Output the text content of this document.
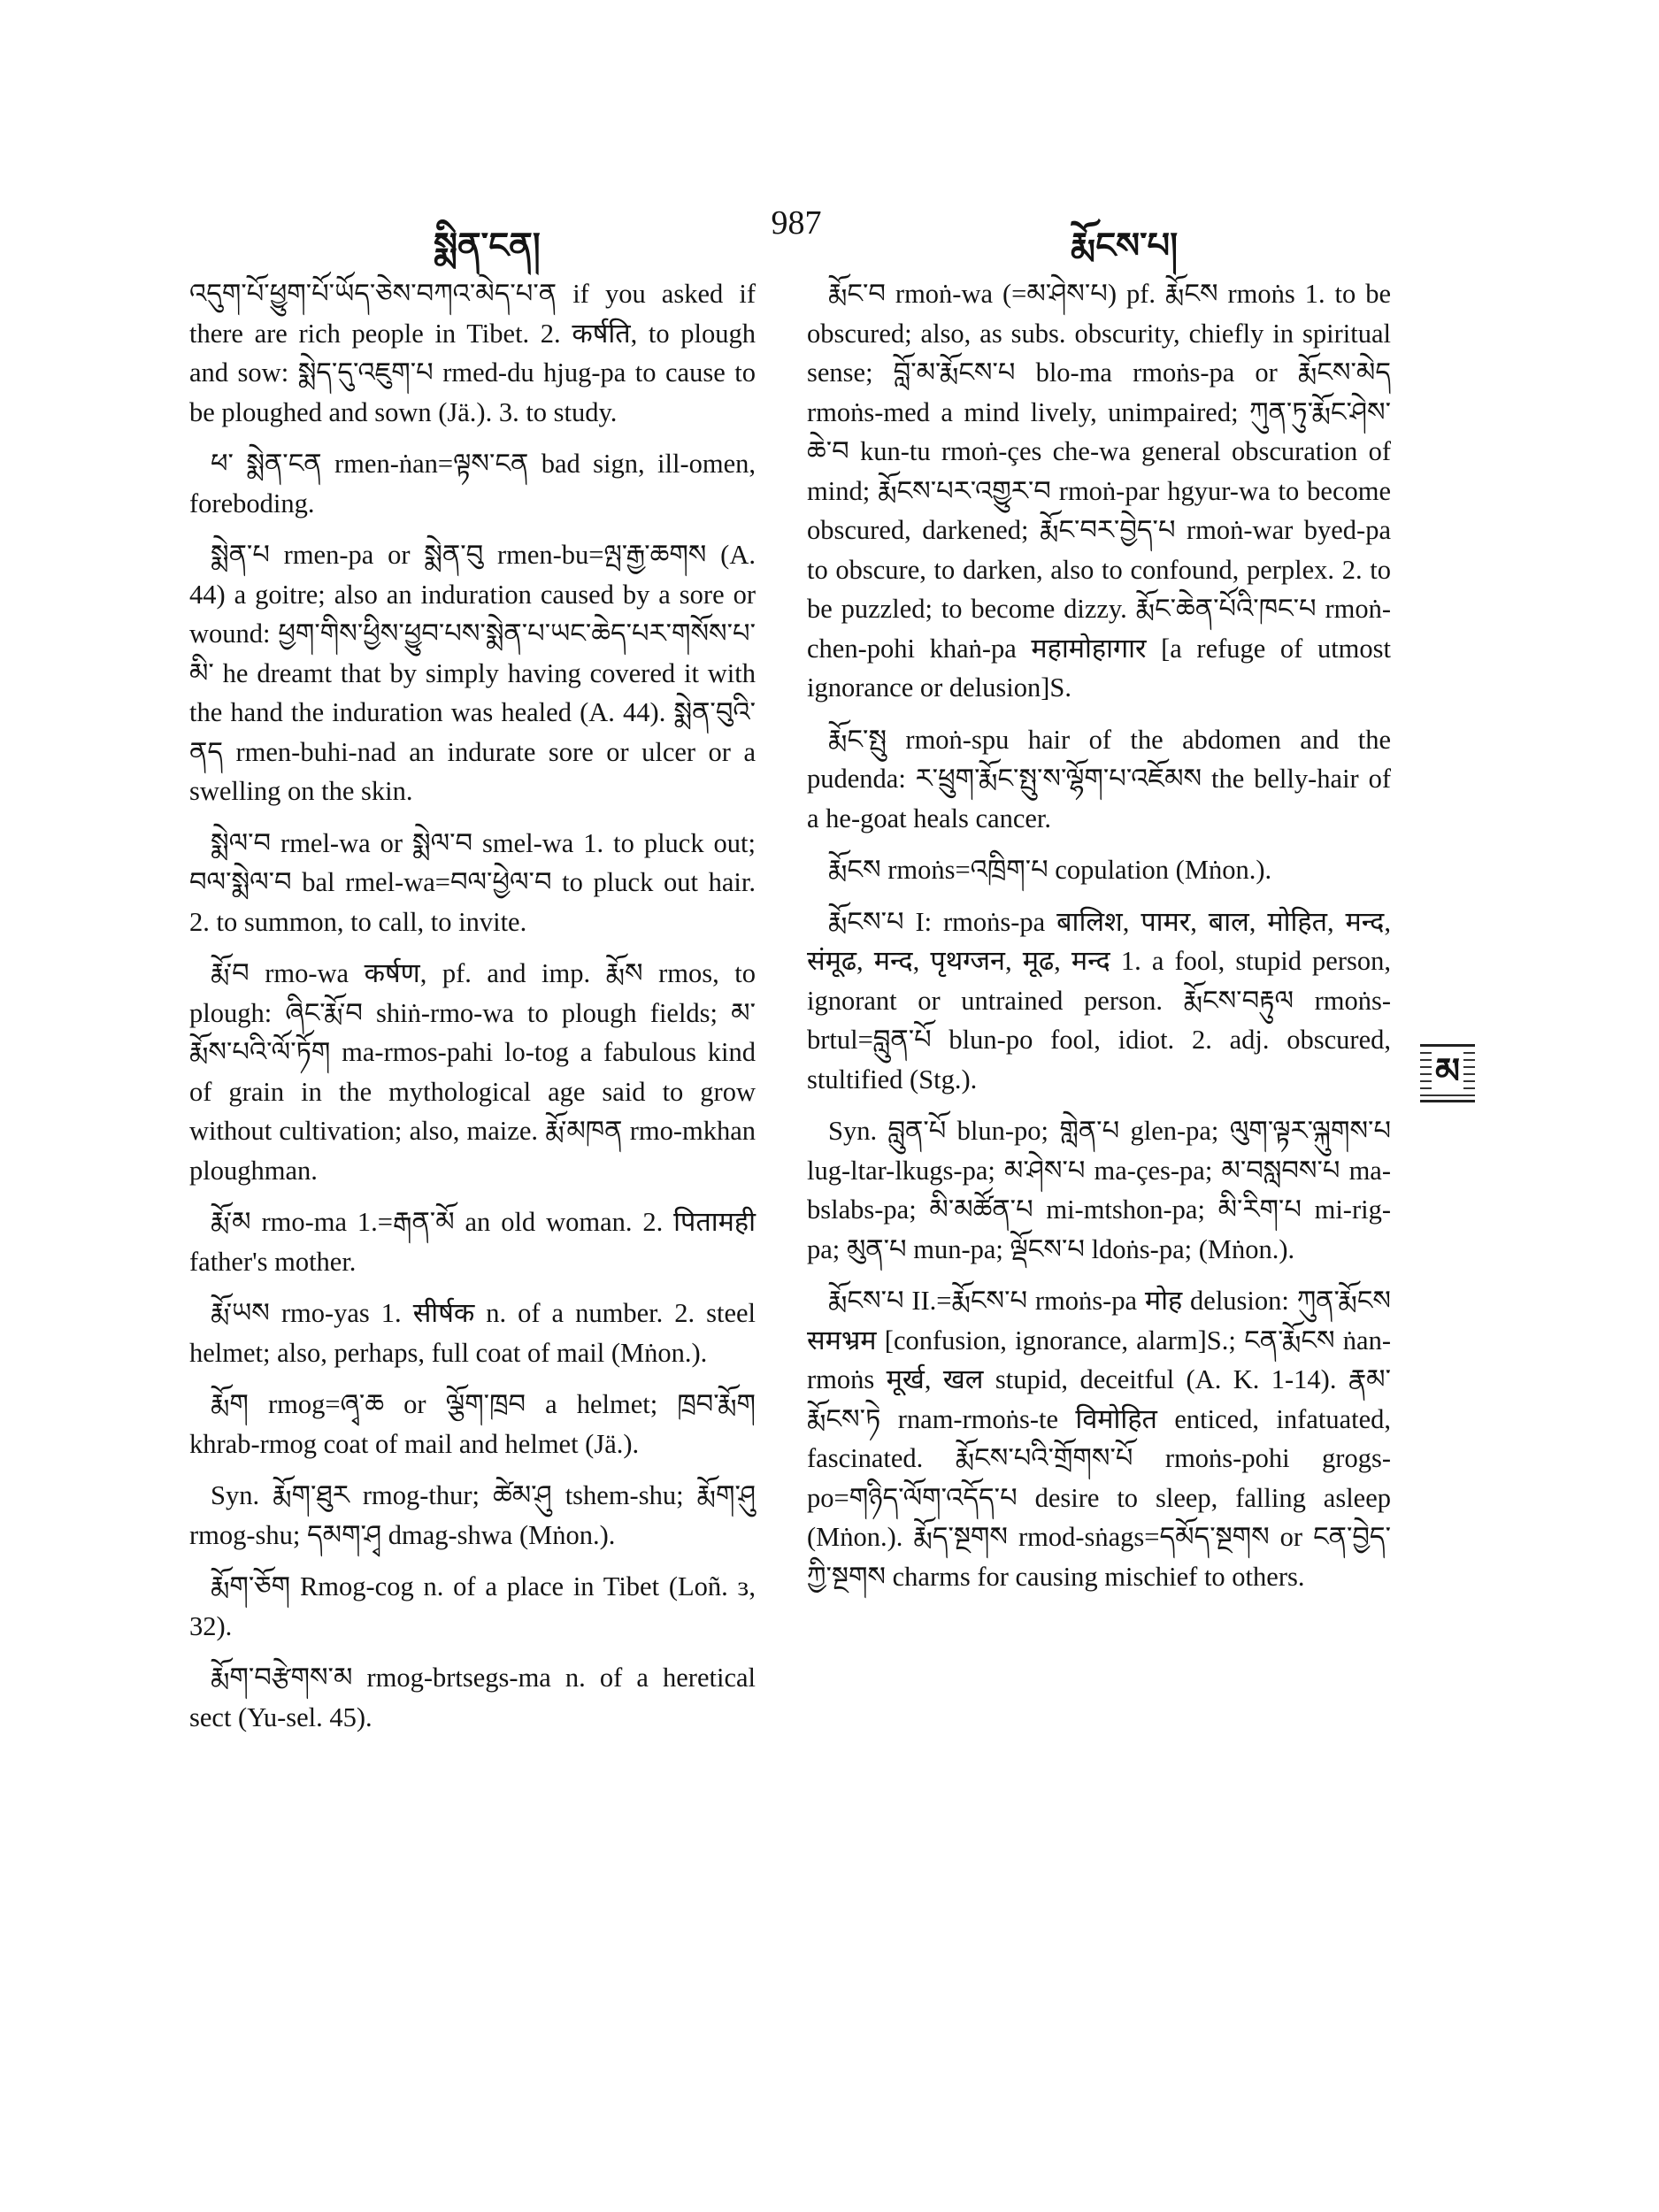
སྨིན་ངན།
987
རྨོངས་པ།

འདུག་པོ་ཕྱུག་པོ་ཡོད་ཅེས་བཀའ་མེད་པ་ན if you asked if there are rich people in Tibet. 2. कर्षति, to plough and sow: སྨེད་དུ་འཇུག་པ rmed-du hjug-pa to cause to be ploughed and sown (Jä.). 3. to study.

ཕ་ སྨེན་ངན rmen-ṅan=ལྟས་ངན bad sign, ill-omen, foreboding.

སྨེན་པ rmen-pa or སྨེན་བུ rmen-bu=ལྤ་རྒྱ་ཆགས (A. 44) a goitre; also an induration caused by a sore or wound: ཕྱག་གིས་ཕྱིས་ཕྱུབ་པས་སྨེན་པ་ཡང་ཆེད་པར་གསོས་པ་མི་ he dreamt that by simply having covered it with the hand the induration was healed (A. 44). སྨེན་བུའི་ནད rmen-buhi-nad an indurate sore or ulcer or a swelling on the skin.

སྨེལ་བ rmel-wa or སྨེལ་བ smel-wa 1. to pluck out; བལ་སྨེལ་བ bal rmel-wa=བལ་ཕྱེལ་བ to pluck out hair. 2. to summon, to call, to invite.

རྨོ་བ rmo-wa कर्षण, pf. and imp. རྨོས rmos, to plough: ཞིང་རྨོ་བ shiṅ-rmo-wa to plough fields; མ་རྨོས་པའི་ལོ་ཏོག ma-rmos-pahi lo-tog a fabulous kind of grain in the mythological age said to grow without cultivation; also, maize. རྨོ་མཁན rmo-mkhan ploughman.

རྨོ་མ rmo-ma 1.=རྒན་མོ an old woman. 2. पितामही father's mother.

རྨོ་ཡས rmo-yas 1. सीर्षक n. of a number. 2. steel helmet; also, perhaps, full coat of mail (Mṅon.).

རྨོག rmog=ཞྭ་ཆ or ལྕོག་ཁྲབ a helmet; ཁྲབ་རྨོག khrab-rmog coat of mail and helmet (Jä.).

Syn. རྨོག་ཐུར rmog-thur; ཚེམ་ཤུ tshem-shu; རྨོག་ཤུ rmog-shu; དམག་ཤྭ dmag-shwa (Mṅon.).

རྨོག་ཅོག Rmog-cog n. of a place in Tibet (Loñ. ɜ, 32).

རྨོག་བརྩེགས་མ rmog-brtsegs-ma n. of a heretical sect (Yu-sel. 45).

རྨོང་བ rmoṅ-wa (=མ་ཤེས་པ) pf. རྨོངས rmoṅs 1. to be obscured; also, as subs. obscurity, chiefly in spiritual sense; བློ་མ་རྨོངས་པ blo-ma rmoṅs-pa or རྨོངས་མེད rmoṅs-med a mind lively, unimpaired; ཀུན་ཏུ་རྨོང་ཤེས་ཆེ་བ kun-tu rmoṅ-çes che-wa general obscuration of mind; རྨོངས་པར་འགྱུར་བ rmoṅ-par hgyur-wa to become obscured, darkened; རྨོང་བར་བྱེད་པ rmoṅ-war byed-pa to obscure, to darken, also to confound, perplex. 2. to be puzzled; to become dizzy. རྨོང་ཆེན་པོའི་ཁང་པ rmoṅ-chen-pohi khaṅ-pa महामोहागार [a refuge of utmost ignorance or delusion]S.

རྨོང་སྤུ rmoṅ-spu hair of the abdomen and the pudenda: ར་ཕྲུག་རྨོང་སྤུ་ས་ལྷོག་པ་འཇོམས the belly-hair of a he-goat heals cancer.

རྨོངས rmoṅs=འཁྲིག་པ copulation (Mṅon.).

རྨོངས་པ I: rmoṅs-pa बालिश, पामर, बाल, मोहित, मन्द, संमूढ, मन्द, पृथग्जन, मूढ, मन्द 1. a fool, stupid person, ignorant or untrained person. རྨོངས་བརྟུལ rmoṅs-brtul=བླུན་པོ blun-po fool, idiot. 2. adj. obscured, stultified (Stg.).

Syn. བླུན་པོ blun-po; གླེན་པ glen-pa; ལུག་ལྟར་ལྐུགས་པ lug-ltar-lkugs-pa; མ་ཤེས་པ ma-çes-pa; མ་བསླབས་པ ma-bslabs-pa; མི་མཚོན་པ mi-mtshon-pa; མི་རིག་པ mi-rig-pa; མུན་པ mun-pa; ལྡོངས་པ ldoṅs-pa; (Mṅon.).

རྨོངས་པ II.=རྨོངས་པ rmoṅs-pa मोह delusion: ཀུན་རྨོངས समभ्रम [confusion, ignorance, alarm]S.; ངན་རྨོངས ṅan-rmoṅs मूर्ख, खल stupid, deceitful (A. K. 1-14). རྣམ་རྨོངས་ཏེ rnam-rmoṅs-te विमोहित enticed, infatuated, fascinated. རྨོངས་པའི་གྲོགས་པོ rmoṅs-pohi grogs-po=གཉིད་ལོག་འདོད་པ desire to sleep, falling asleep (Mṅon.). རྨོད་སྔགས rmod-sṅags=དམོད་སྔགས or ངན་བྱེད་ཀྱི་སྔགས charms for causing mischief to others.

མ
